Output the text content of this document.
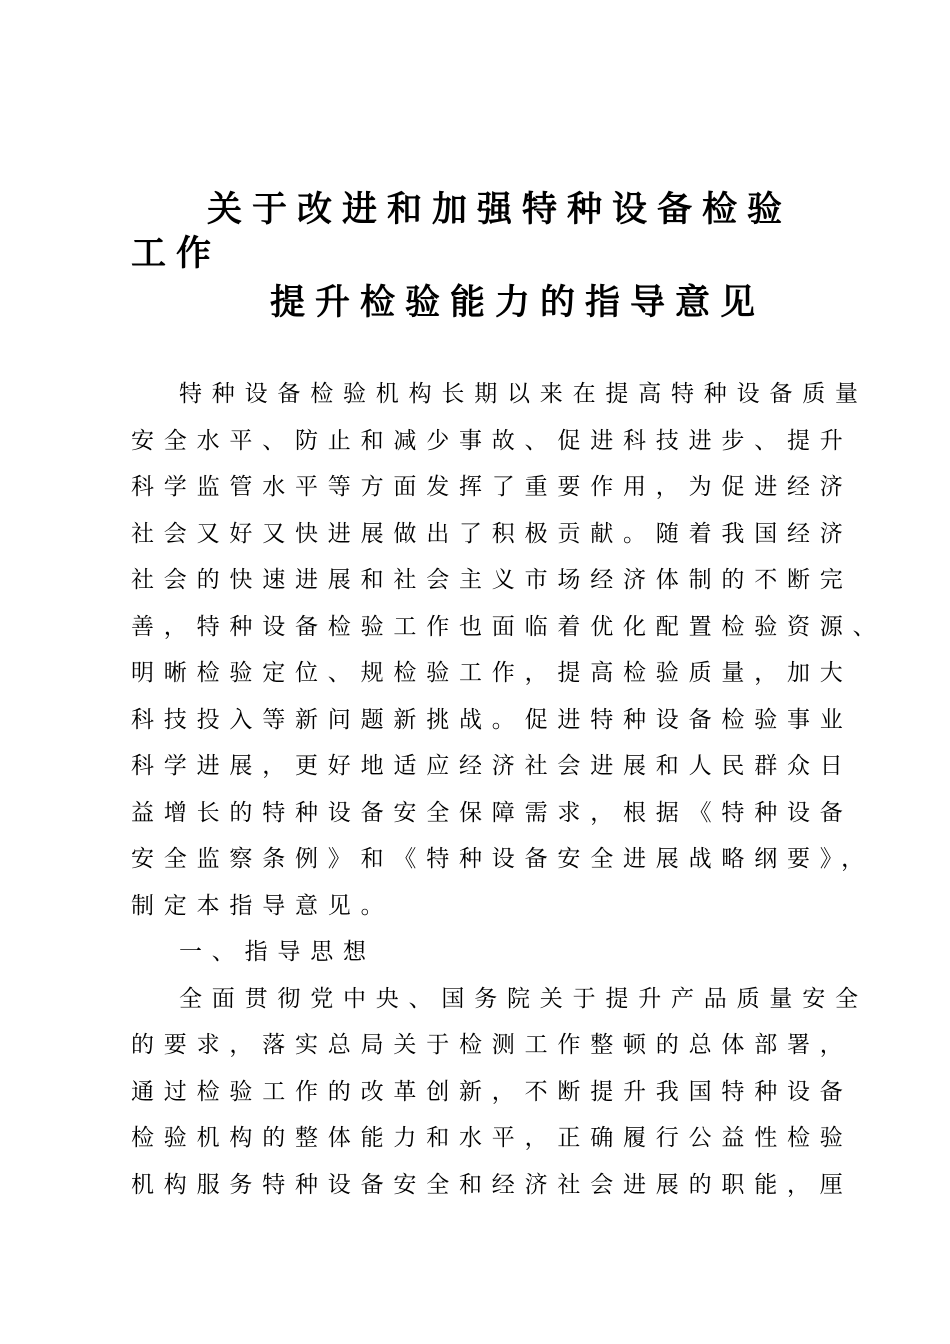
关于改进和加强特种设备检验
工作
提升检验能力的指导意见
特种设备检验机构长期以来在提高特种设备质量
安全水平、防止和减少事故、促进科技进步、提升
科学监管水平等方面发挥了重要作用，为促进经济
社会又好又快进展做出了积极贡献。随着我国经济
社会的快速进展和社会主义市场经济体制的不断完
善，特种设备检验工作也面临着优化配置检验资源、
明晰检验定位、规检验工作，提高检验质量，加大
科技投入等新问题新挑战。促进特种设备检验事业
科学进展，更好地适应经济社会进展和人民群众日
益增长的特种设备安全保障需求，根据《特种设备
安全监察条例》和《特种设备安全进展战略纲要》，
制定本指导意见。
一、指导思想
全面贯彻党中央、国务院关于提升产品质量安全
的要求，落实总局关于检测工作整顿的总体部署，
通过检验工作的改革创新，不断提升我国特种设备
检验机构的整体能力和水平，正确履行公益性检验
机构服务特种设备安全和经济社会进展的职能，厘
